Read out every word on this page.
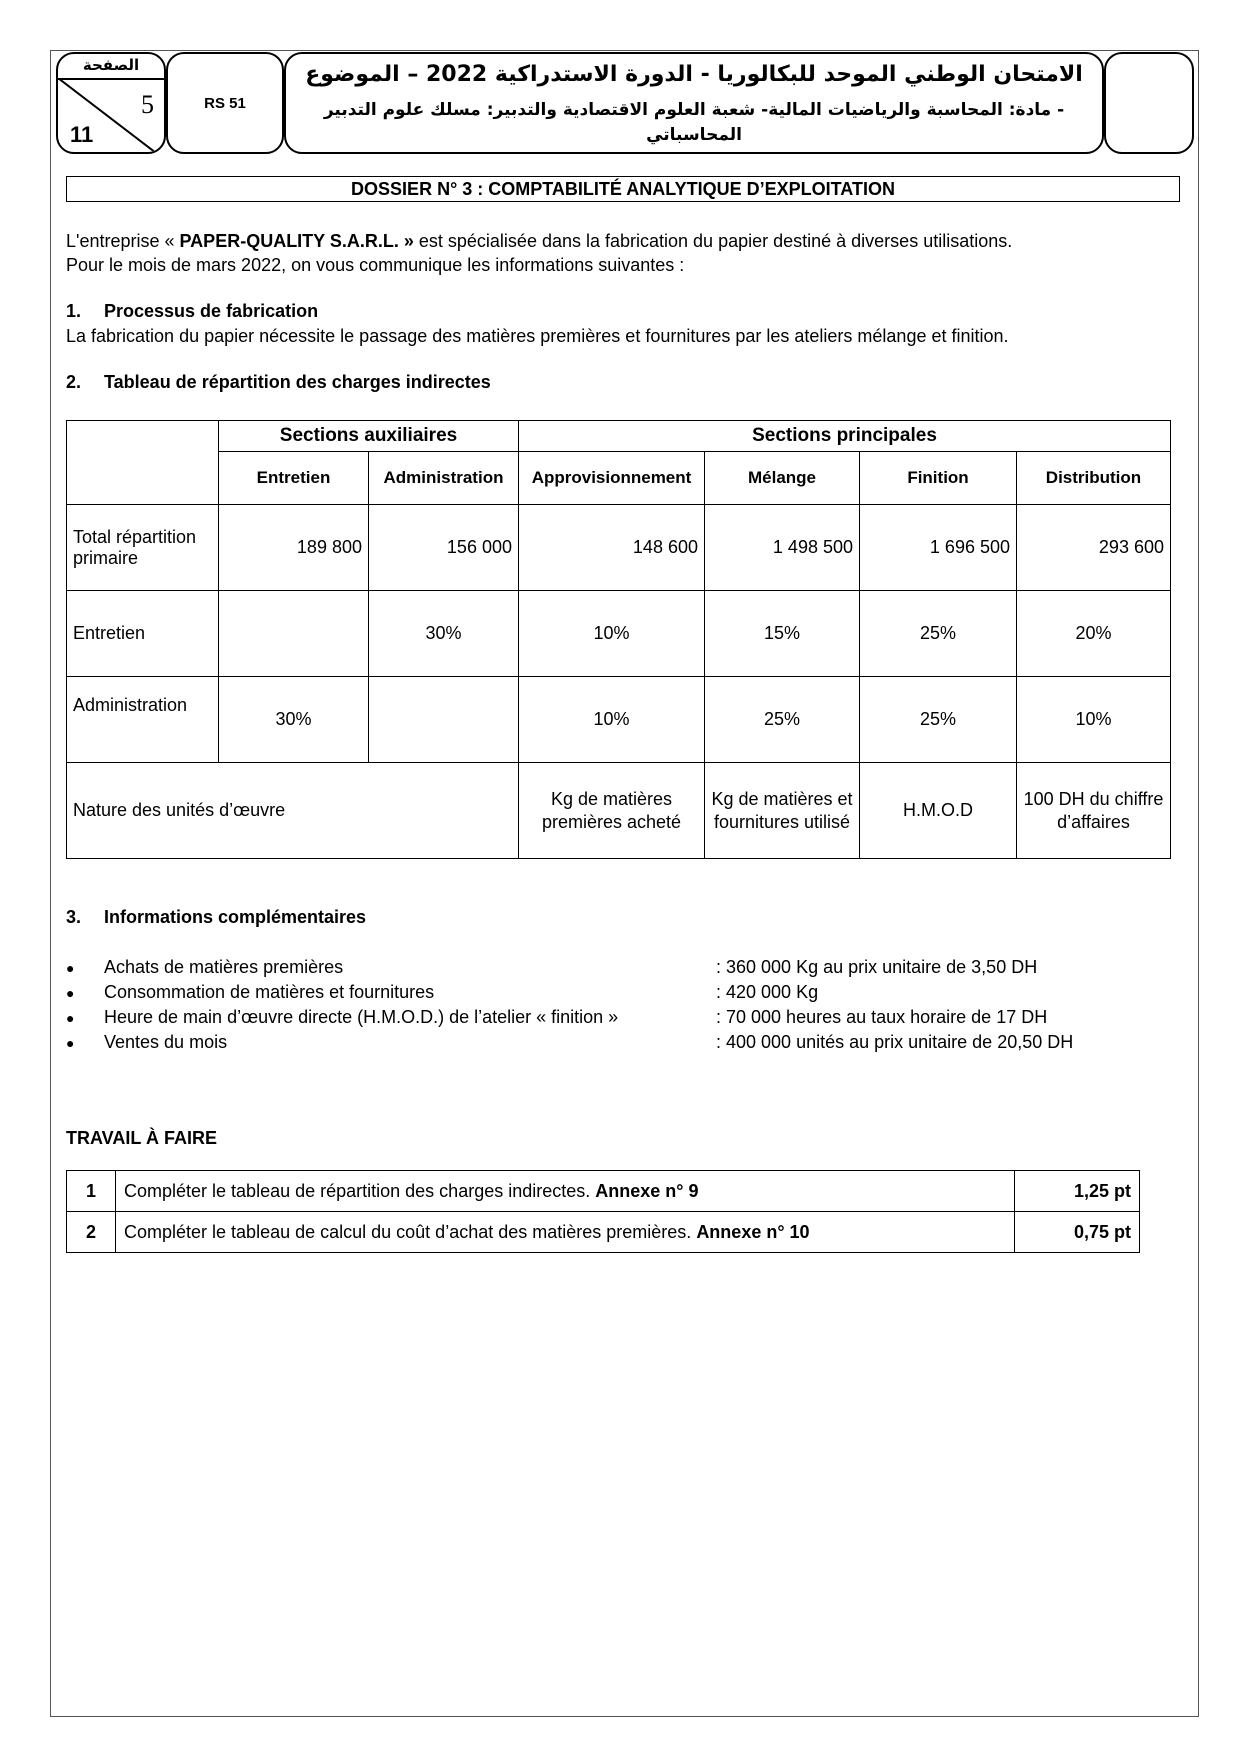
الصفحة
5
11
RS 51
الامتحان الوطني الموحد للبكالوريا - الدورة الاستدراكية 2022 – الموضوع
- مادة: المحاسبة والرياضيات المالية- شعبة العلوم الاقتصادية والتدبير: مسلك علوم التدبير المحاسباتي
DOSSIER N° 3 : COMPTABILITÉ ANALYTIQUE D’EXPLOITATION
L'entreprise « PAPER-QUALITY S.A.R.L. » est spécialisée dans la fabrication du papier destiné à diverses utilisations.
Pour le mois de mars 2022, on vous communique les informations suivantes :
1. Processus de fabrication
La fabrication du papier nécessite le passage des matières premières et fournitures par les ateliers mélange et finition.
2. Tableau de répartition des charges indirectes
	Sections auxiliaires		Sections principales			
	Entretien	Administration	Approvisionnement	Mélange	Finition	Distribution
Total répartition primaire	189 800	156 000	148 600	1 498 500	1 696 500	293 600
Entretien		30%	10%	15%	25%	20%
Administration	30%		10%	25%	25%	10%
Nature des unités d’œuvre			Kg de matières premières acheté	Kg de matières et fournitures utilisé	H.M.O.D	100 DH du chiffre d’affaires
3. Informations complémentaires
● Achats de matières premières	: 360 000 Kg au prix unitaire de 3,50 DH
● Consommation de matières et fournitures	: 420 000 Kg
● Heure de main d’œuvre directe (H.M.O.D.) de l’atelier « finition »	: 70 000 heures au taux horaire de 17 DH
● Ventes du mois	: 400 000 unités au prix unitaire de 20,50 DH
TRAVAIL À FAIRE
1	Compléter le tableau de répartition des charges indirectes. Annexe n° 9	1,25 pt
2	Compléter le tableau de calcul du coût d’achat des matières premières. Annexe n° 10	0,75 pt
